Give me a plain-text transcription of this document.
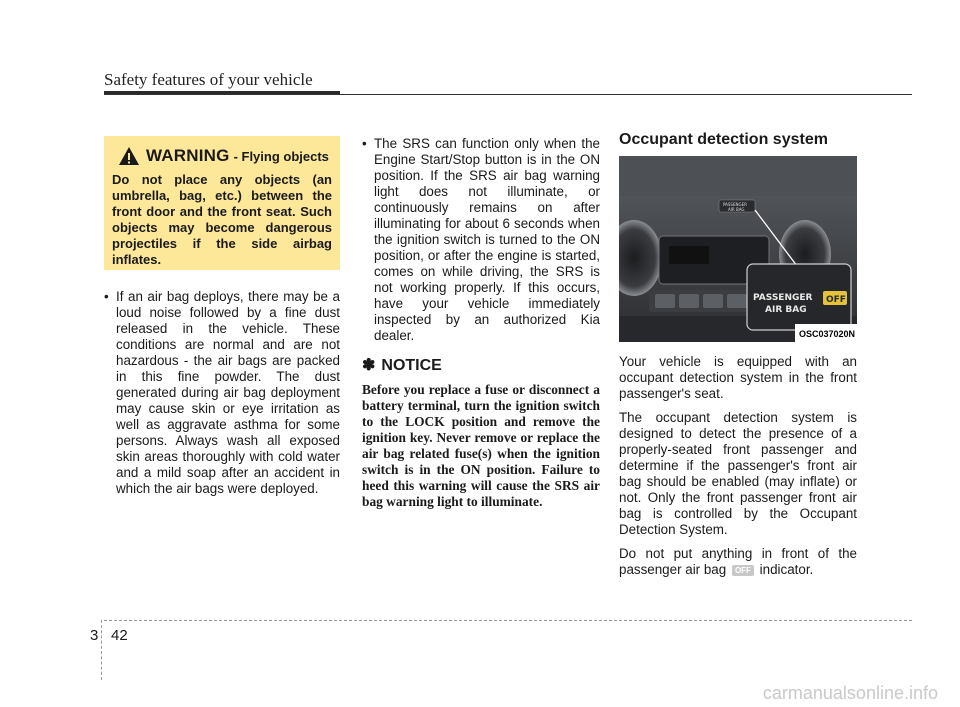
Safety features of your vehicle
WARNING - Flying objects
Do not place any objects (an umbrella, bag, etc.) between the front door and the front seat. Such objects may become dangerous projectiles if the side airbag inflates.
• If an air bag deploys, there may be a loud noise followed by a fine dust released in the vehicle. These conditions are normal and are not hazardous - the air bags are packed in this fine powder. The dust generated during air bag deployment may cause skin or eye irritation as well as aggravate asthma for some persons. Always wash all exposed skin areas thoroughly with cold water and a mild soap after an accident in which the air bags were deployed.
• The SRS can function only when the Engine Start/Stop button is in the ON position. If the SRS air bag warning light does not illuminate, or continuously remains on after illuminating for about 6 seconds when the ignition switch is turned to the ON position, or after the engine is started, comes on while driving, the SRS is not working properly. If this occurs, have your vehicle immediately inspected by an authorized Kia dealer.
✽ NOTICE
Before you replace a fuse or disconnect a battery terminal, turn the ignition switch to the LOCK position and remove the ignition key. Never remove or replace the air bag related fuse(s) when the ignition switch is in the ON position. Failure to heed this warning will cause the SRS air bag warning light to illuminate.
Occupant detection system
PASSENGER
AIR BAG
PASSENGER
AIR BAG
OFF
OSC037020N
Your vehicle is equipped with an occupant detection system in the front passenger's seat.
The occupant detection system is designed to detect the presence of a properly-seated front passenger and determine if the passenger's front air bag should be enabled (may inflate) or not. Only the front passenger front air bag is controlled by the Occupant Detection System.
Do not put anything in front of the passenger air bag OFF indicator.
3 42
carmanualsonline.info
